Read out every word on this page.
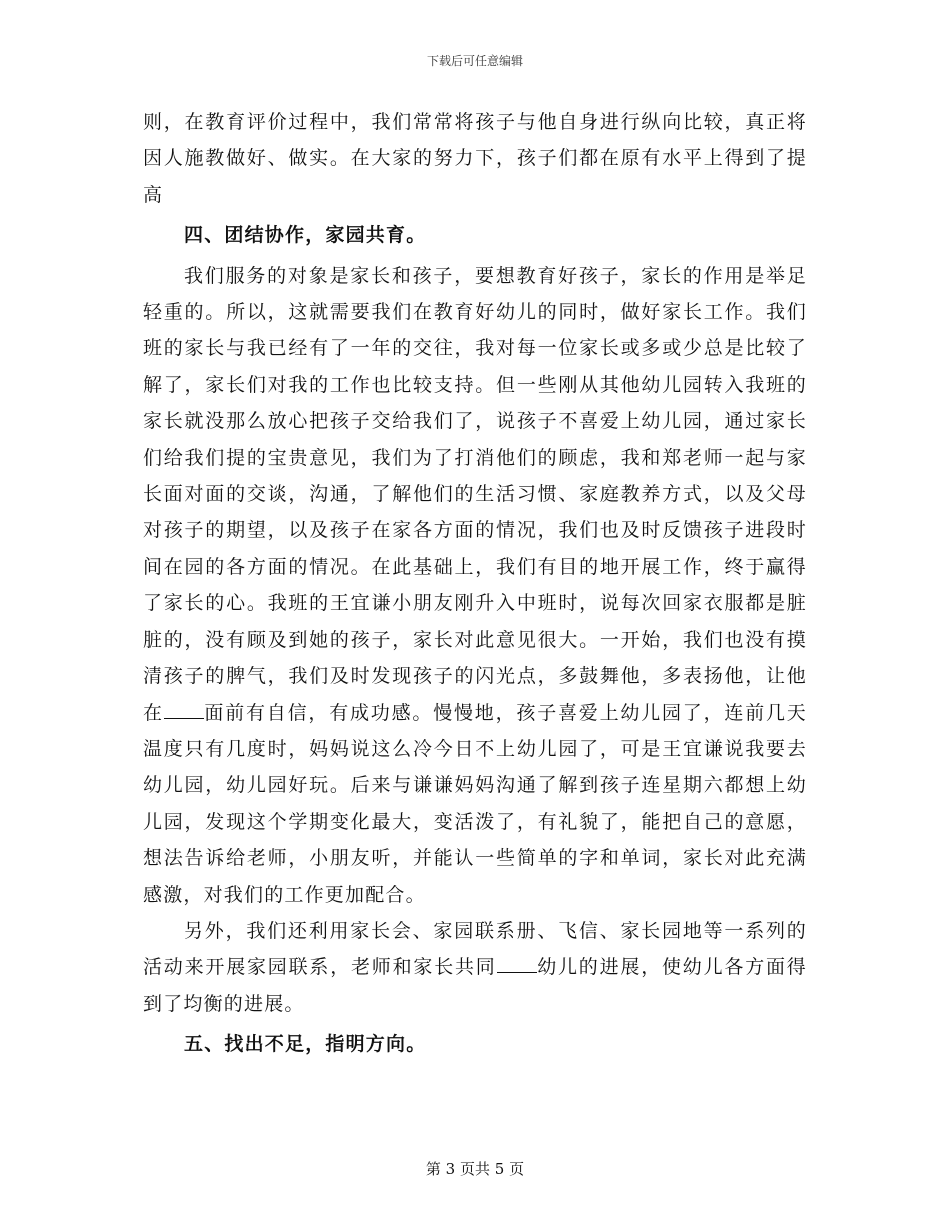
下载后可任意编辑

则，在教育评价过程中，我们常常将孩子与他自身进行纵向比较，真正将因人施教做好、做实。在大家的努力下，孩子们都在原有水平上得到了提高

四、团结协作，家园共育。

我们服务的对象是家长和孩子，要想教育好孩子，家长的作用是举足轻重的。所以，这就需要我们在教育好幼儿的同时，做好家长工作。我们班的家长与我已经有了一年的交往，我对每一位家长或多或少总是比较了解了，家长们对我的工作也比较支持。但一些刚从其他幼儿园转入我班的家长就没那么放心把孩子交给我们了，说孩子不喜爱上幼儿园，通过家长们给我们提的宝贵意见，我们为了打消他们的顾虑，我和郑老师一起与家长面对面的交谈，沟通，了解他们的生活习惯、家庭教养方式，以及父母对孩子的期望，以及孩子在家各方面的情况，我们也及时反馈孩子进段时间在园的各方面的情况。在此基础上，我们有目的地开展工作，终于赢得了家长的心。我班的王宜谦小朋友刚升入中班时，说每次回家衣服都是脏脏的，没有顾及到她的孩子，家长对此意见很大。一开始，我们也没有摸清孩子的脾气，我们及时发现孩子的闪光点，多鼓舞他，多表扬他，让他在 面前有自信，有成功感。慢慢地，孩子喜爱上幼儿园了，连前几天温度只有几度时，妈妈说这么冷今日不上幼儿园了，可是王宜谦说我要去幼儿园，幼儿园好玩。后来与谦谦妈妈沟通了解到孩子连星期六都想上幼儿园，发现这个学期变化最大，变活泼了，有礼貌了，能把自己的意愿，想法告诉给老师，小朋友听，并能认一些简单的字和单词，家长对此充满感激，对我们的工作更加配合。

另外，我们还利用家长会、家园联系册、飞信、家长园地等一系列的活动来开展家园联系，老师和家长共同 幼儿的进展，使幼儿各方面得到了均衡的进展。

五、找出不足，指明方向。

第 3 页共 5 页
